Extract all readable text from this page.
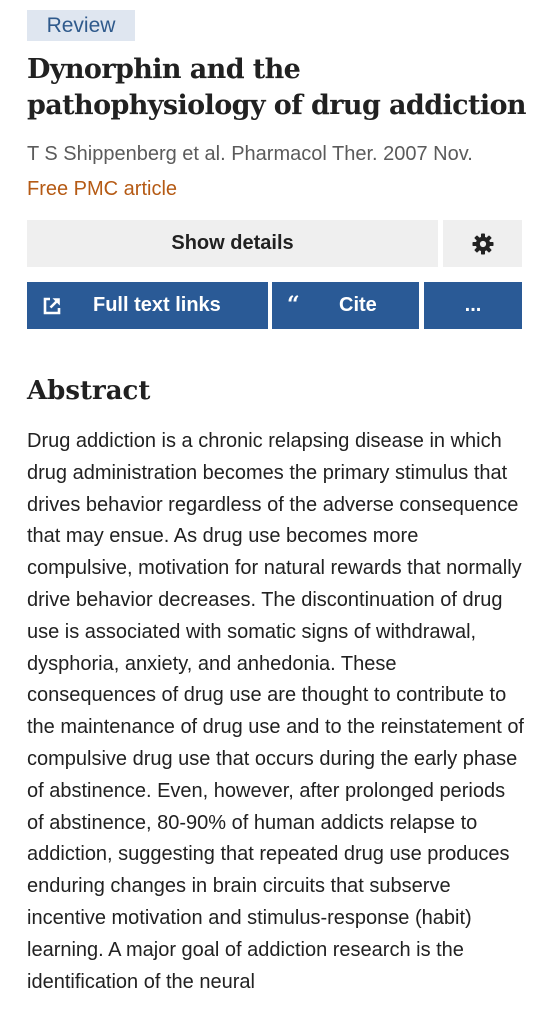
Review
Dynorphin and the pathophysiology of drug addiction
T S Shippenberg et al. Pharmacol Ther. 2007 Nov.
Free PMC article
Show details
Full text links	“ Cite	...
Abstract

Drug addiction is a chronic relapsing disease in which drug administration becomes the primary stimulus that drives behavior regardless of the adverse consequence that may ensue. As drug use becomes more compulsive, motivation for natural rewards that normally drive behavior decreases. The discontinuation of drug use is associated with somatic signs of withdrawal, dysphoria, anxiety, and anhedonia. These consequences of drug use are thought to contribute to the maintenance of drug use and to the reinstatement of compulsive drug use that occurs during the early phase of abstinence. Even, however, after prolonged periods of abstinence, 80-90% of human addicts relapse to addiction, suggesting that repeated drug use produces enduring changes in brain circuits that subserve incentive motivation and stimulus-response (habit) learning. A major goal of addiction research is the identification of the neural
